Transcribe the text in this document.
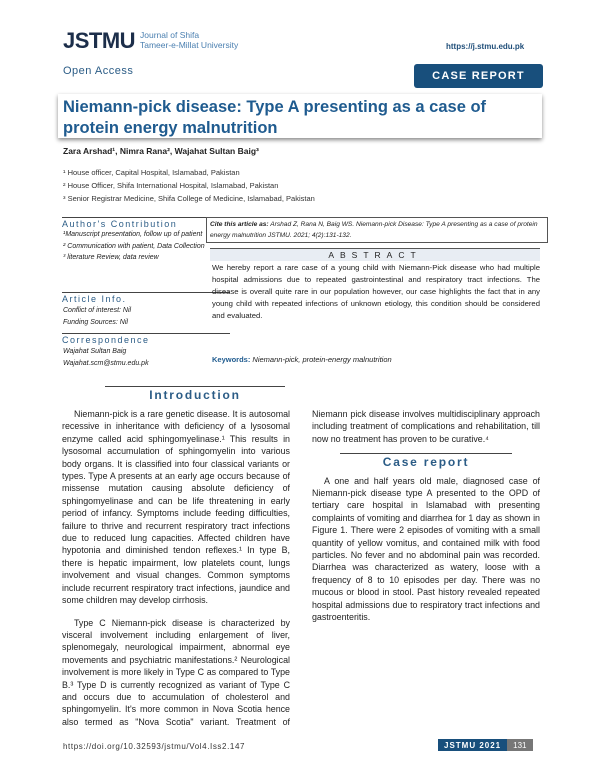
JSTMU Journal of Shifa
Tameer-e-Millat University	https://j.stmu.edu.pk
Open Access	CASE REPORT
Niemann-pick disease: Type A presenting as a case of protein energy malnutrition
Zara Arshad¹, Nimra Rana², Wajahat Sultan Baig³
¹ House officer, Capital Hospital, Islamabad, Pakistan
² House Officer, Shifa International Hospital, Islamabad, Pakistan
³ Senior Registrar Medicine, Shifa College of Medicine, Islamabad, Pakistan
Author's Contribution
¹Manuscript presentation, follow up of patient
² Communication with patient, Data Collection
³ literature Review, data review
Article Info.
Conflict of interest: Nil
Funding Sources: Nil
Correspondence
Wajahat Sultan Baig
Wajahat.scm@stmu.edu.pk
Cite this article as: Arshad Z, Rana N, Baig WS. Niemann-pick Disease: Type A presenting as a case of protein energy malnutrition JSTMU. 2021; 4(2):131-132.
ABSTRACT
We hereby report a rare case of a young child with Niemann-Pick disease who had multiple hospital admissions due to repeated gastrointestinal and respiratory tract infections. The disease is overall quite rare in our population however, our case highlights the fact that in any young child with repeated infections of unknown etiology, this condition should be considered and evaluated.
Keywords: Niemann-pick, protein-energy malnutrition
Introduction

Niemann-pick is a rare genetic disease. It is autosomal recessive in inheritance with deficiency of a lysosomal enzyme called acid sphingomyelinase.¹ This results in lysosomal accumulation of sphingomyelin into various body organs. It is classified into four classical variants or types. Type A presents at an early age occurs because of missense mutation causing absolute deficiency of sphingomyelinase and can be life threatening in early period of infancy. Symptoms include feeding difficulties, failure to thrive and recurrent respiratory tract infections due to reduced lung capacities. Affected children have hypotonia and diminished tendon reflexes.¹ In type B, there is hepatic impairment, low platelets count, lungs involvement and visual changes. Common symptoms include recurrent respiratory tract infections, jaundice and some children may develop cirrhosis.

Type C Niemann-pick disease is characterized by visceral involvement including enlargement of liver, splenomegaly, neurological impairment, abnormal eye movements and psychiatric manifestations.² Neurological involvement is more likely in Type C as compared to Type B.³ Type D is currently recognized as variant of Type C and occurs due to accumulation of cholesterol and sphingomyelin. It's more common in Nova Scotia hence also termed as "Nova Scotia" variant. Treatment of Niemann pick disease involves multidisciplinary approach including treatment of complications and rehabilitation, till now no treatment has proven to be curative.⁴

Case report

A one and half years old male, diagnosed case of Niemann-pick disease type A presented to the OPD of tertiary care hospital in Islamabad with presenting complaints of vomiting and diarrhea for 1 day as shown in Figure 1. There were 2 episodes of vomiting with a small quantity of yellow vomitus, and contained milk with food particles. No fever and no abdominal pain was recorded. Diarrhea was characterized as watery, loose with a frequency of 8 to 10 episodes per day. There was no mucous or blood in stool. Past history revealed repeated hospital admissions due to respiratory tract infections and gastroenteritis.

https://doi.org/10.32593/jstmu/Vol4.Iss2.147	JSTMU 2021	131
